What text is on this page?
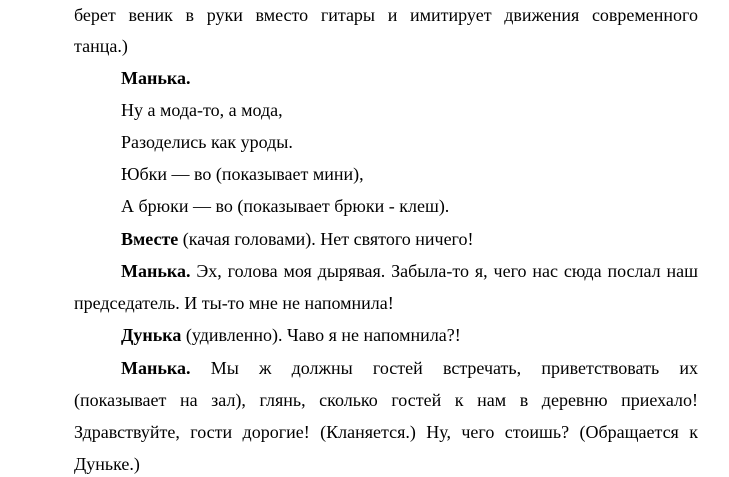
берет веник в руки вместо гитары и имитирует движения современного
танца.)
Манька.
Ну а мода-то, а мода,
Разоделись как уроды.
Юбки — во (показывает мини),
А брюки — во (показывает брюки - клеш).
Вместе (качая головами). Нет святого ничего!
Манька. Эх, голова моя дырявая. Забыла-то я, чего нас сюда послал наш
председатель. И ты-то мне не напомнила!
Дунька (удивленно). Чаво я не напомнила?!
Манька. Мы ж должны гостей встречать, приветствовать их
(показывает на зал), глянь, сколько гостей к нам в деревню приехало!
Здравствуйте, гости дорогие! (Кланяется.) Ну, чего стоишь? (Обращается к
Дуньке.)
